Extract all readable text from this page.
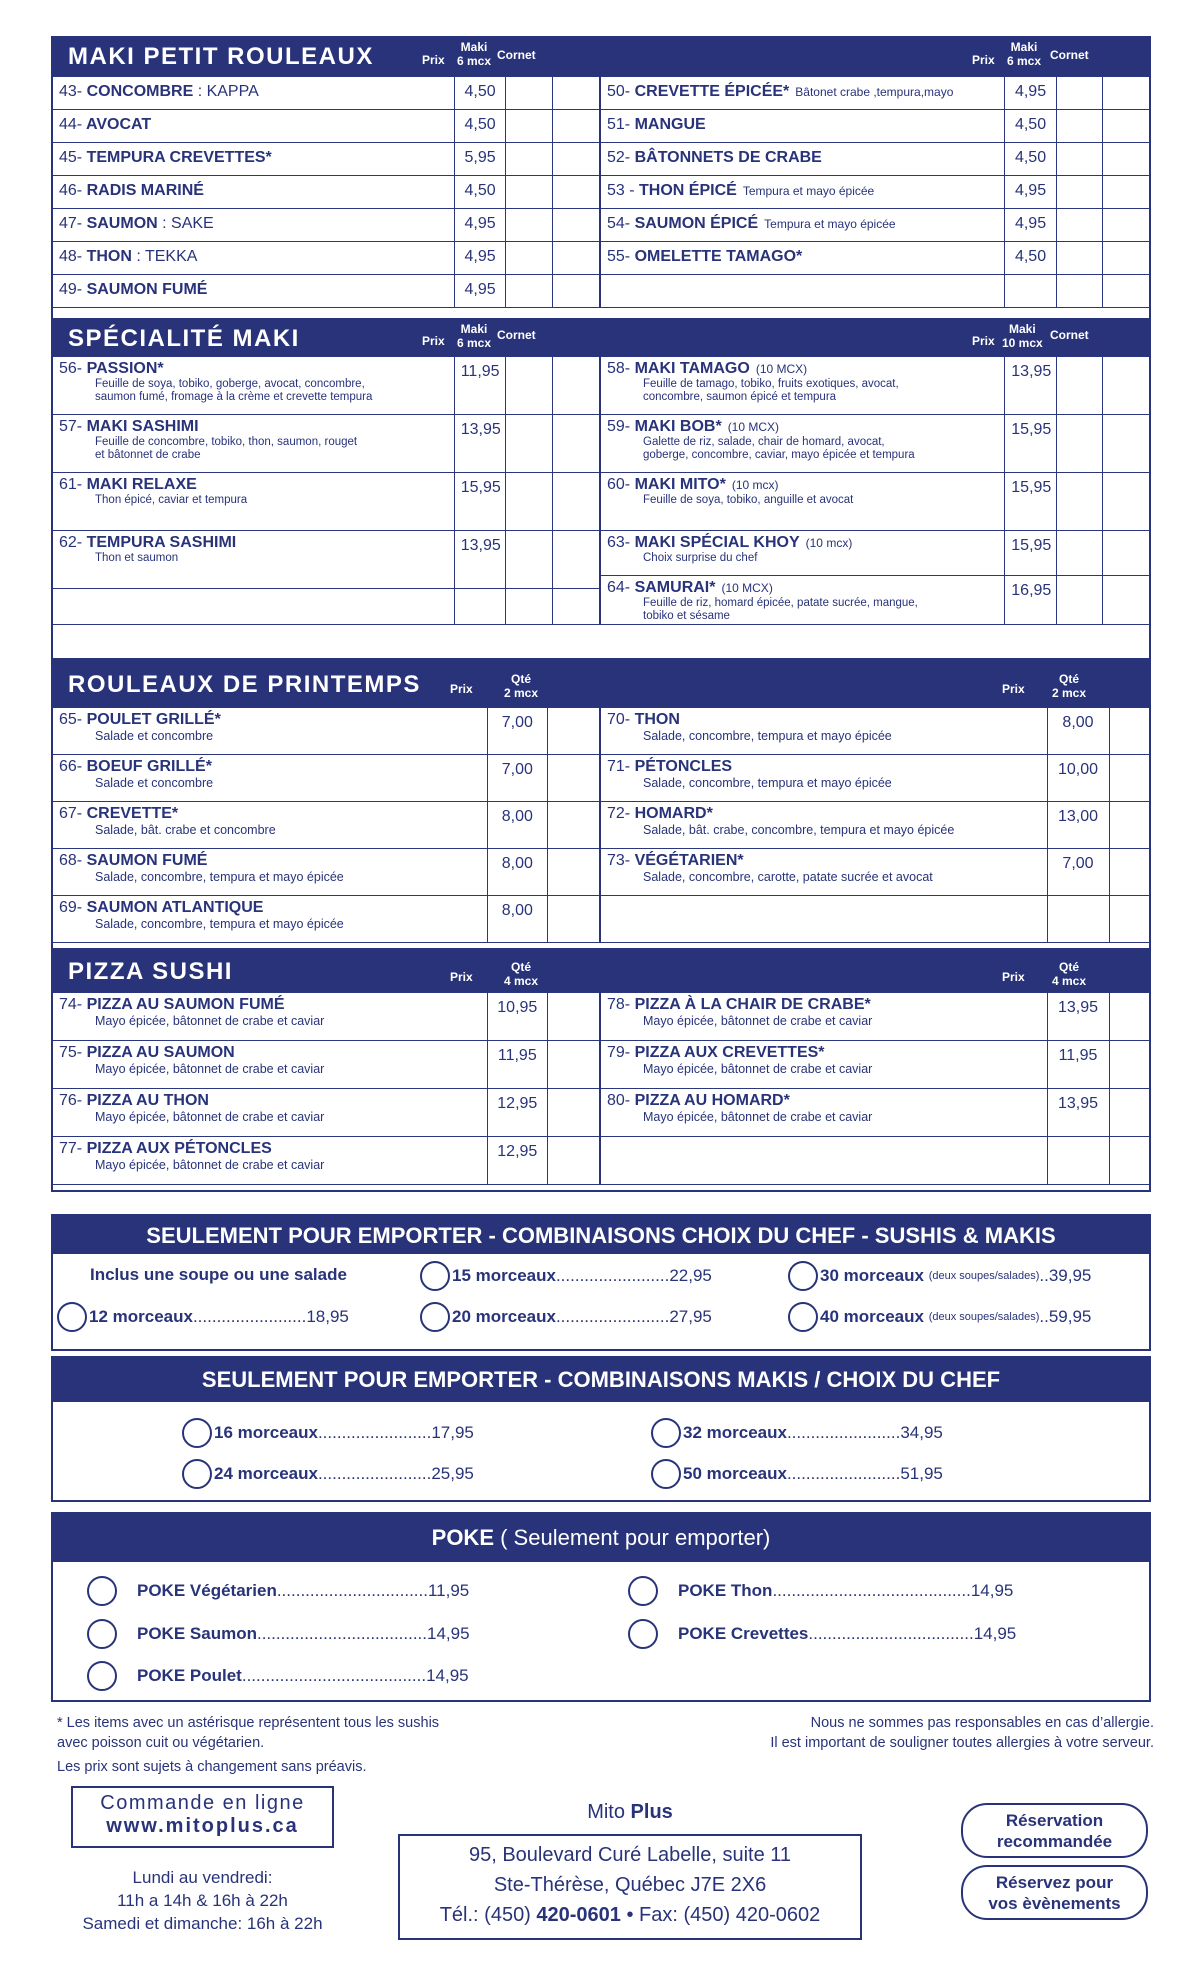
MAKI PETIT ROULEAUX	Prix
Maki
6 mcx Cornet	Prix
Maki
6 mcx Cornet
43- CONCOMBRE : KAPPA	4,50		

44- AVOCAT	4,50		

45- TEMPURA CREVETTES*	5,95		

46- RADIS MARINÉ	4,50		

47- SAUMON : SAKE	4,95		

48- THON : TEKKA	4,95		

49- SAUMON FUMÉ	4,95		
50- CREVETTE ÉPICÉE* Bâtonet crabe ,tempura,mayo	4,95		

51- MANGUE	4,50		

52- BÂTONNETS DE CRABE	4,50		

53 - THON ÉPICÉ Tempura et mayo épicée	4,95		

54- SAUMON ÉPICÉ Tempura et mayo épicée	4,95		

55- OMELETTE TAMAGO*	4,50		

SPÉCIALITÉ MAKI	Prix
Maki
6 mcx
Cornet	Prix
Maki
10 mcx
Cornet
56- PASSION*
Feuille de soya, tobiko, goberge, avocat, concombre,
saumon fumé, fromage à la crème et crevette tempura	11,95		

57- MAKI SASHIMI
Feuille de concombre, tobiko, thon, saumon, rouget
et bâtonnet de crabe	13,95		

61- MAKI RELAXE
Thon épicé, caviar et tempura	15,95		

62- TEMPURA SASHIMI
Thon et saumon	13,95		

58- MAKI TAMAGO (10 MCX)
Feuille de tamago, tobiko, fruits exotiques, avocat,
concombre, saumon épicé et tempura	13,95		

59- MAKI BOB* (10 MCX)
Galette de riz, salade, chair de homard, avocat,
goberge, concombre, caviar, mayo épicée et tempura	15,95		

60- MAKI MITO* (10 mcx)
Feuille de soya, tobiko, anguille et avocat	15,95		

63- MAKI SPÉCIAL KHOY (10 mcx)
Choix surprise du chef	15,95		

64- SAMURAI* (10 MCX)
Feuille de riz, homard épicée, patate sucrée, mangue,
tobiko et sésame	16,95		
ROULEAUX DE PRINTEMPS Prix
Qté
2 mcx	Prix
Qté
2 mcx
65- POULET GRILLÉ*
Salade et concombre	7,00	

66- BOEUF GRILLÉ*
Salade et concombre	7,00	

67- CREVETTE*
Salade, bât. crabe et concombre	8,00	

68- SAUMON FUMÉ
Salade, concombre, tempura et mayo épicée	8,00	

69- SAUMON ATLANTIQUE
Salade, concombre, tempura et mayo épicée	8,00	
70- THON
Salade, concombre, tempura et mayo épicée	8,00	

71- PÉTONCLES
Salade, concombre, tempura et mayo épicée	10,00	

72- HOMARD*
Salade, bât. crabe, concombre, tempura et mayo épicée	13,00	

73- VÉGÉTARIEN*
Salade, concombre, carotte, patate sucrée et avocat	7,00	

PIZZA SUSHI	Prix
Qté
4 mcx	Prix
Qté
4 mcx
74- PIZZA AU SAUMON FUMÉ
Mayo épicée, bâtonnet de crabe et caviar	10,95	

75- PIZZA AU SAUMON
Mayo épicée, bâtonnet de crabe et caviar	11,95	

76- PIZZA AU THON
Mayo épicée, bâtonnet de crabe et caviar	12,95	

77- PIZZA AUX PÉTONCLES
Mayo épicée, bâtonnet de crabe et caviar	12,95	
78- PIZZA À LA CHAIR DE CRABE*
Mayo épicée, bâtonnet de crabe et caviar	13,95	

79- PIZZA AUX CREVETTES*
Mayo épicée, bâtonnet de crabe et caviar	11,95	

80- PIZZA AU HOMARD*
Mayo épicée, bâtonnet de crabe et caviar	13,95	

SEULEMENT POUR EMPORTER - COMBINAISONS CHOIX DU CHEF - SUSHIS & MAKIS
Inclus une soupe ou une salade
12 morceaux ........................ 18,95
15 morceaux ........................ 22,95
20 morceaux ........................ 27,95
30 morceaux
(deux soupes/salades) .. 39,95
40 morceaux
(deux soupes/salades) .. 59,95
SEULEMENT POUR EMPORTER - COMBINAISONS MAKIS / CHOIX DU CHEF
16 morceaux ........................ 17,95
24 morceaux ........................ 25,95
32 morceaux ........................ 34,95
50 morceaux ........................ 51,95
POKE ( Seulement pour emporter)
POKE Végétarien ................................ 11,95
POKE Saumon .................................... 14,95
POKE Poulet ....................................... 14,95
POKE Thon .......................................... 14,95
POKE Crevettes ................................... 14,95
* Les items avec un astérisque représentent tous les sushis
avec poisson cuit ou végétarien.
Les prix sont sujets à changement sans préavis.
Nous ne sommes pas responsables en cas d’allergie.
Il est important de souligner toutes allergies à votre serveur.
Commande en ligne
www.mitoplus.ca
Lundi au vendredi:
11h a 14h & 16h à 22h
Samedi et dimanche: 16h à 22h
Mito Plus
95, Boulevard Curé Labelle, suite 11
Ste-Thérèse, Québec J7E 2X6
Tél.: (450) 420-0601 • Fax: (450) 420-0602
Réservation
recommandée
Réservez pour
vos èvènements
